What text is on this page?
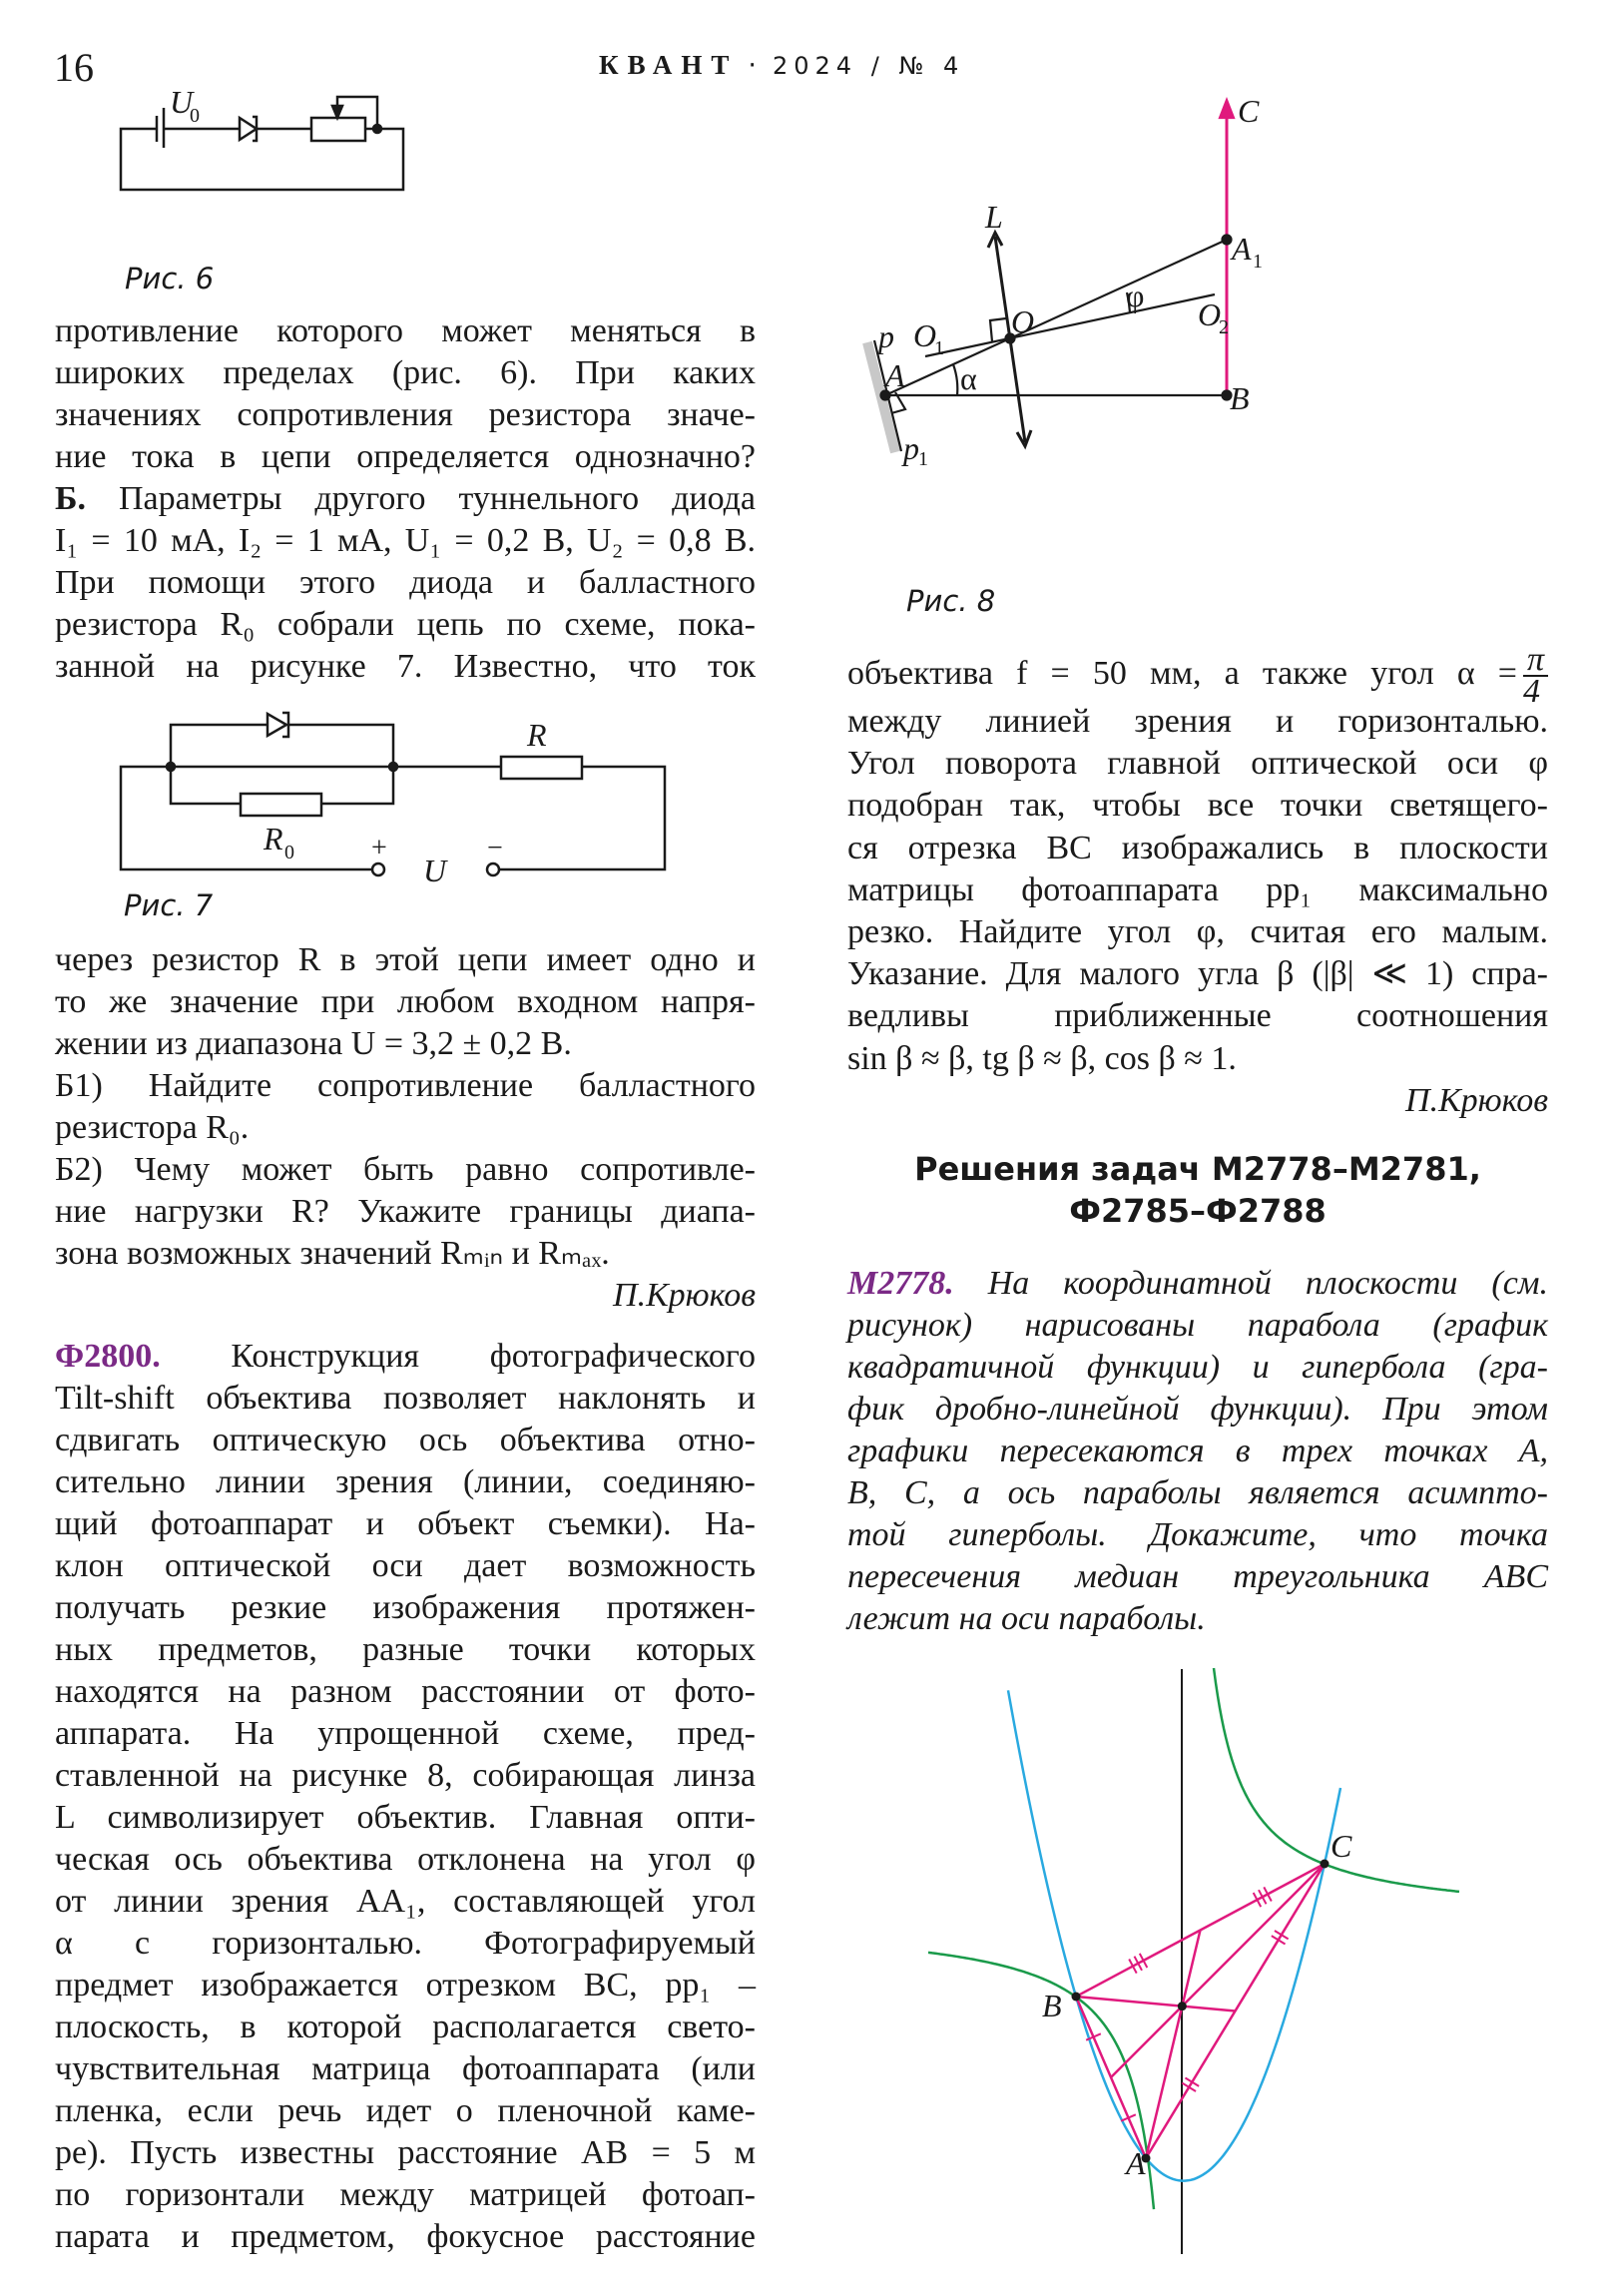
16	КВАНТ · 2024 / № 4
Рис. 6
Рис. 7
Рис. 8
противление которого может меняться в
широких пределах (рис. 6). При каких
значениях сопротивления резистора значе-
ние тока в цепи определяется однозначно?
Б. Параметры другого туннельного диода
I₁ = 10 мА, I₂ = 1 мА, U₁ = 0,2 В, U₂ = 0,8 В.
При помощи этого диода и балластного
резистора R₀ собрали цепь по схеме, пока-
занной на рисунке 7. Известно, что ток
через резистор R в этой цепи имеет одно и
то же значение при любом входном напря-
жении из диапазона U = 3,2 ± 0,2 В.
Б1) Найдите сопротивление балластного
резистора R₀.
Б2) Чему может быть равно сопротивле-
ние нагрузки R? Укажите границы диапа-
зона возможных значений Rₘᵢₙ и Rₘₐₓ.
П.Крюков
Ф2800. Конструкция фотографического
Tilt-shift объектива позволяет наклонять и
сдвигать оптическую ось объектива отно-
сительно линии зрения (линии, соединяю-
щий фотоаппарат и объект съемки). На-
клон оптической оси дает возможность
получать резкие изображения протяжен-
ных предметов, разные точки которых
находятся на разном расстоянии от фото-
аппарата. На упрощенной схеме, пред-
ставленной на рисунке 8, собирающая линза
L символизирует объектив. Главная опти-
ческая ось объектива отклонена на угол φ
от линии зрения AA₁, составляющей угол
α с горизонталью. Фотографируемый
предмет изображается отрезком BC, pp₁ –
плоскость, в которой располагается свето-
чувствительная матрица фотоаппарата (или
пленка, если речь идет о пленочной каме-
ре). Пусть известны расстояние AB = 5 м
по горизонтали между матрицей фотоап-
парата и предметом, фокусное расстояние
между линией зрения и горизонталью.
Угол поворота главной оптической оси φ
подобран так, чтобы все точки светящего-
ся отрезка BC изображались в плоскости
матрицы фотоаппарата pp₁ максимально
резко. Найдите угол φ, считая его малым.
Указание. Для малого угла β (|β| ≪ 1) спра-
ведливы приближенные соотношения
sin β ≈ β, tg β ≈ β, cos β ≈ 1.
П.Крюков
М2778. На координатной плоскости (см.
рисунок) нарисованы парабола (график
квадратичной функции) и гипербола (гра-
фик дробно-линейной функции). При этом
графики пересекаются в трех точках A,
B, C, а ось параболы является асимпто-
той гиперболы. Докажите, что точка
пересечения медиан треугольника ABC
лежит на оси параболы.
объектива f = 50 мм, а также угол $\alpha = \frac{\pi}{4}$
Решения задач М2778–М2781,
Ф2785–Ф2788
U
0
R
R 0	+
U
−
C
L
A 1
φ
O
O
1
O
2
p
A α
B
p 1
A
B
C
